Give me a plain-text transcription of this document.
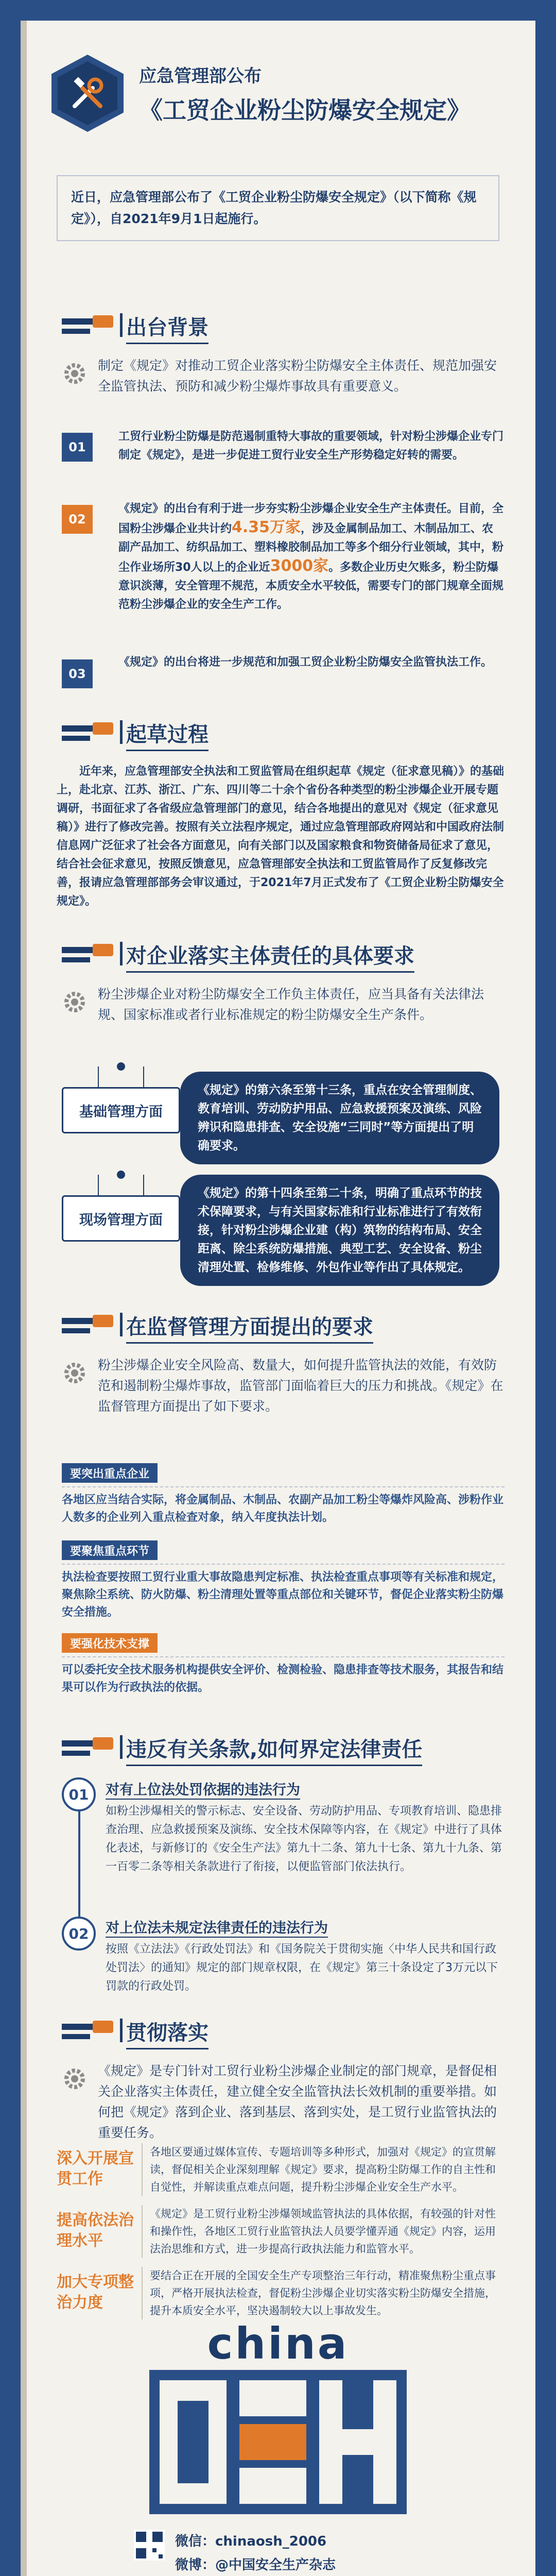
应急管理部公布
《工贸企业粉尘防爆安全规定》
近日，应急管理部公布了《工贸企业粉尘防爆安全规定》（以下简称《规定》），自2021年9月1日起施行。
出台背景
制定《规定》对推动工贸企业落实粉尘防爆安全主体责任、规范加强安全监管执法、预防和减少粉尘爆炸事故具有重要意义。
01
工贸行业粉尘防爆是防范遏制重特大事故的重要领域，针对粉尘涉爆企业专门制定《规定》，是进一步促进工贸行业安全生产形势稳定好转的需要。
02
《规定》的出台有利于进一步夯实粉尘涉爆企业安全生产主体责任。目前，全国粉尘涉爆企业共计约4.35万家，涉及金属制品加工、木制品加工、农副产品加工、纺织品加工、塑料橡胶制品加工等多个细分行业领域，其中，粉尘作业场所30人以上的企业近3000家。多数企业历史欠账多，粉尘防爆意识淡薄，安全管理不规范，本质安全水平较低，需要专门的部门规章全面规范粉尘涉爆企业的安全生产工作。
03
《规定》的出台将进一步规范和加强工贸企业粉尘防爆安全监管执法工作。
起草过程
近年来，应急管理部安全执法和工贸监管局在组织起草《规定（征求意见稿）》的基础上，赴北京、江苏、浙江、广东、四川等二十余个省份各种类型的粉尘涉爆企业开展专题调研，书面征求了各省级应急管理部门的意见，结合各地提出的意见对《规定（征求意见稿）》进行了修改完善。按照有关立法程序规定，通过应急管理部政府网站和中国政府法制信息网广泛征求了社会各方面意见，向有关部门以及国家粮食和物资储备局征求了意见，结合社会征求意见，按照反馈意见，应急管理部安全执法和工贸监管局作了反复修改完善，报请应急管理部部务会审议通过，于2021年7月正式发布了《工贸企业粉尘防爆安全规定》。
对企业落实主体责任的具体要求
粉尘涉爆企业对粉尘防爆安全工作负主体责任，应当具备有关法律法规、国家标准或者行业标准规定的粉尘防爆安全生产条件。
基础管理方面
《规定》的第六条至第十三条，重点在安全管理制度、教育培训、劳动防护用品、应急救援预案及演练、风险辨识和隐患排查、安全设施“三同时”等方面提出了明确要求。
现场管理方面
《规定》的第十四条至第二十条，明确了重点环节的技术保障要求，与有关国家标准和行业标准进行了有效衔接，针对粉尘涉爆企业建（构）筑物的结构布局、安全距离、除尘系统防爆措施、典型工艺、安全设备、粉尘清理处置、检修维修、外包作业等作出了具体规定。
在监督管理方面提出的要求
粉尘涉爆企业安全风险高、数量大，如何提升监管执法的效能，有效防范和遏制粉尘爆炸事故，监管部门面临着巨大的压力和挑战。《规定》在监督管理方面提出了如下要求。
要突出重点企业
各地区应当结合实际，将金属制品、木制品、农副产品加工粉尘等爆炸风险高、涉粉作业人数多的企业列入重点检查对象，纳入年度执法计划。
要聚焦重点环节
执法检查要按照工贸行业重大事故隐患判定标准、执法检查重点事项等有关标准和规定，聚焦除尘系统、防火防爆、粉尘清理处置等重点部位和关键环节，督促企业落实粉尘防爆安全措施。
要强化技术支撑
可以委托安全技术服务机构提供安全评价、检测检验、隐患排查等技术服务，其报告和结果可以作为行政执法的依据。
违反有关条款,如何界定法律责任
01	对有上位法处罚依据的违法行为
如粉尘涉爆相关的警示标志、安全设备、劳动防护用品、专项教育培训、隐患排查治理、应急救援预案及演练、安全技术保障等内容，在《规定》中进行了具体化表述，与新修订的《安全生产法》第九十二条、第九十七条、第九十九条、第一百零二条等相关条款进行了衔接，以便监管部门依法执行。
02	对上位法未规定法律责任的违法行为
按照《立法法》《行政处罚法》和《国务院关于贯彻实施〈中华人民共和国行政处罚法〉的通知》规定的部门规章权限，在《规定》第三十条设定了3万元以下罚款的行政处罚。
贯彻落实
《规定》是专门针对工贸行业粉尘涉爆企业制定的部门规章，是督促相关企业落实主体责任，建立健全安全监管执法长效机制的重要举措。如何把《规定》落到企业、落到基层、落到实处，是工贸行业监管执法的重要任务。
深入开展宣贯工作
各地区要通过媒体宣传、专题培训等多种形式，加强对《规定》的宣贯解读，督促相关企业深刻理解《规定》要求，提高粉尘防爆工作的自主性和自觉性，并解读重点难点问题，提升粉尘涉爆企业安全生产水平。
提高依法治理水平
《规定》是工贸行业粉尘涉爆领域监管执法的具体依据，有较强的针对性和操作性，各地区工贸行业监管执法人员要学懂弄通《规定》内容，运用法治思维和方式，进一步提高行政执法能力和监管水平。
加大专项整治力度
要结合正在开展的全国安全生产专项整治三年行动，精准聚焦粉尘重点事项，严格开展执法检查，督促粉尘涉爆企业切实落实粉尘防爆安全措施，提升本质安全水平，坚决遏制较大以上事故发生。
china
微信：chinaosh_2006
微博：@中国安全生产杂志
